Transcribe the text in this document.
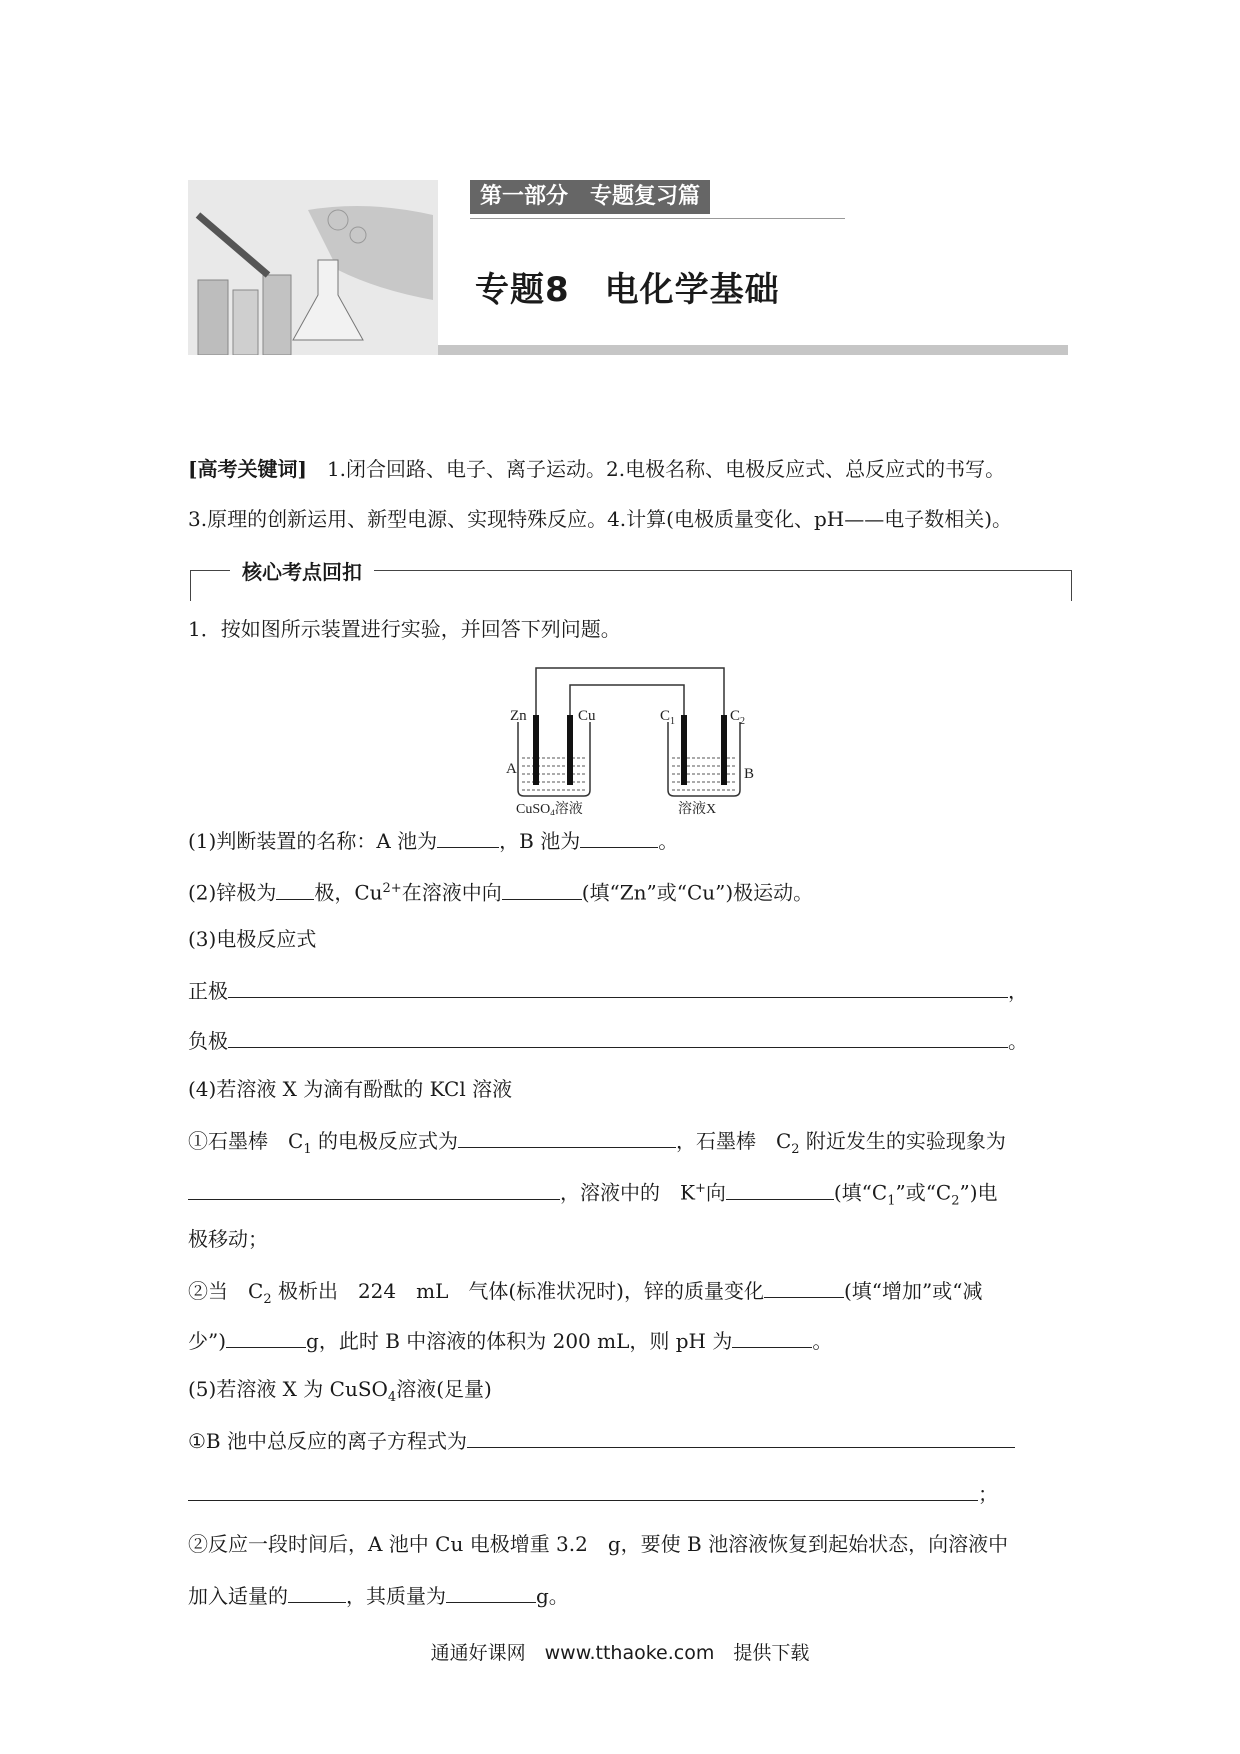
第一部分　专题复习篇
专题8　电化学基础
[高考关键词]　 1.闭合回路、电子、离子运动。2.电极名称、电极反应式、总反应式的书写。
3.原理的创新运用、新型电源、实现特殊反应。4.计算(电极质量变化、pH——电子数相关)。
核心考点回扣
1．按如图所示装置进行实验，并回答下列问题。
Zn	Cu	$C_1$	$C_2$
A	B
CuSO$_4$溶液	溶液X
(1)判断装置的名称：A 池为	，B 池为	。
(2)锌极为 极，$Cu^{2+}$在溶液中向	(填“Zn”或“Cu”)极运动。
(3)电极反应式
正极	，
负极	。
(4)若溶液 X 为滴有酚酞的 KCl 溶液
①石墨棒　$C_1$ 的电极反应式为	，石墨棒　$C_2$ 附近发生的实验现象为
，溶液中的　K+向	(填“$C_1$”或“$C_2$”)电
极移动；
②当　$C_2$ 极析出　224　mL　气体(标准状况时)，锌的质量变化	(填“增加”或“减
少”)	g，此时 B 中溶液的体积为 200 mL，则 pH 为	。
(5)若溶液 X 为 CuSO$_4$溶液(足量)
①B 池中总反应的离子方程式为
；
②反应一段时间后，A 池中 Cu 电极增重 3.2　g，要使 B 池溶液恢复到起始状态，向溶液中
加入适量的	，其质量为	g。
通通好课网　www.tthaoke.com　提供下载
